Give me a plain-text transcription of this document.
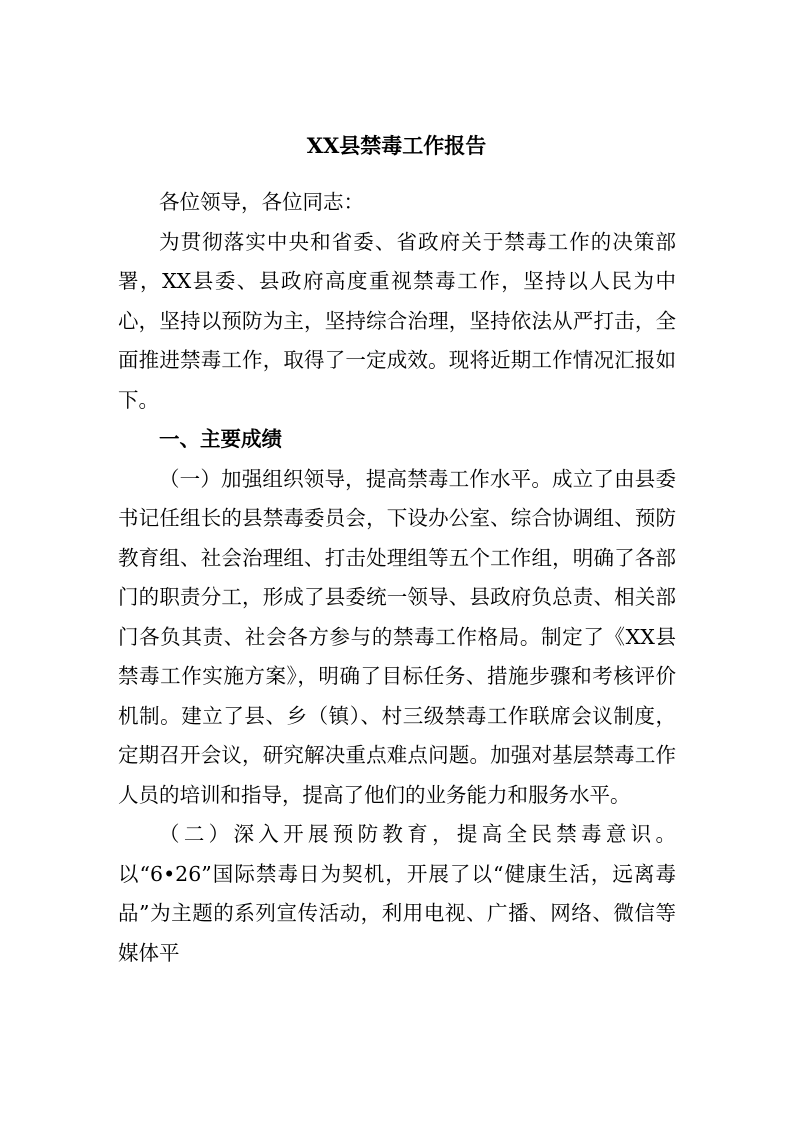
XX县禁毒工作报告

各位领导，各位同志：

为贯彻落实中央和省委、省政府关于禁毒工作的决策部署，XX县委、县政府高度重视禁毒工作，坚持以人民为中心，坚持以预防为主，坚持综合治理，坚持依法从严打击，全面推进禁毒工作，取得了一定成效。现将近期工作情况汇报如下。

一、主要成绩

（一）加强组织领导，提高禁毒工作水平。成立了由县委书记任组长的县禁毒委员会，下设办公室、综合协调组、预防教育组、社会治理组、打击处理组等五个工作组，明确了各部门的职责分工，形成了县委统一领导、县政府负总责、相关部门各负其责、社会各方参与的禁毒工作格局。制定了《XX县禁毒工作实施方案》，明确了目标任务、措施步骤和考核评价机制。建立了县、乡（镇）、村三级禁毒工作联席会议制度，定期召开会议，研究解决重点难点问题。加强对基层禁毒工作人员的培训和指导，提高了他们的业务能力和服务水平。

（二）深入开展预防教育，提高全民禁毒意识。以“6•26”国际禁毒日为契机，开展了以“健康生活，远离毒品”为主题的系列宣传活动，利用电视、广播、网络、微信等媒体平
